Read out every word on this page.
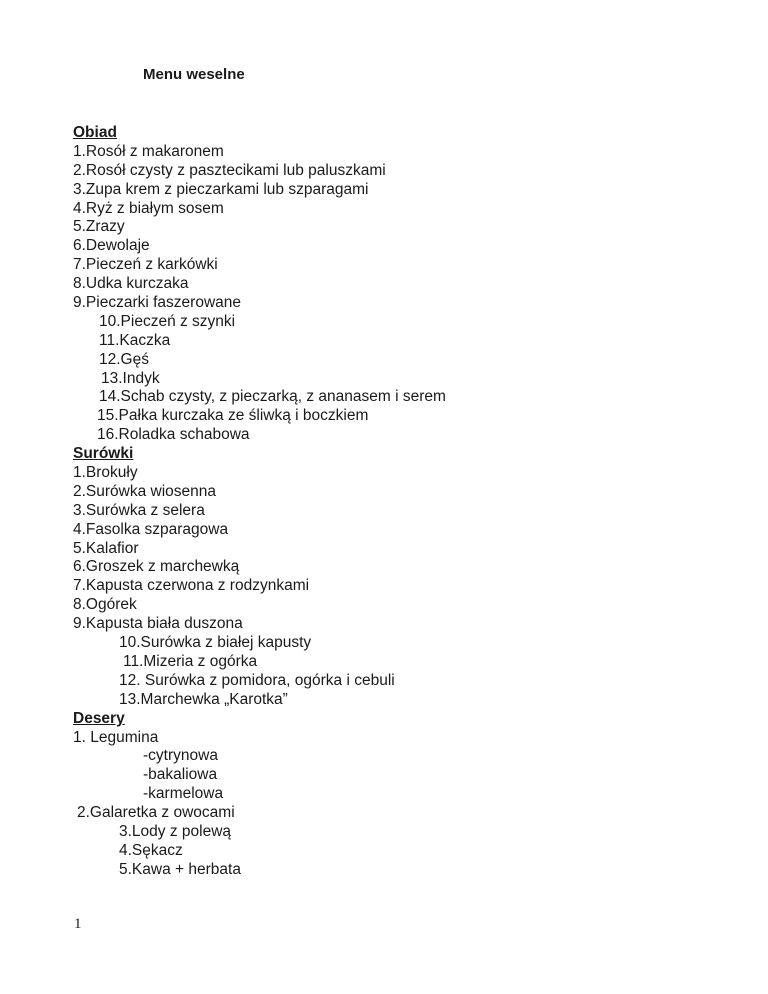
Menu weselne
Obiad
1.Rosół z makaronem
2.Rosół czysty z pasztecikami lub paluszkami
3.Zupa krem z pieczarkami lub szparagami
4.Ryż z białym sosem
5.Zrazy
6.Dewolaje
7.Pieczeń z karkówki
8.Udka kurczaka
9.Pieczarki faszerowane
10.Pieczeń z szynki
11.Kaczka
12.Gęś
13.Indyk
14.Schab czysty, z pieczarką, z ananasem i serem
15.Pałka kurczaka ze śliwką i boczkiem
16.Roladka schabowa
Surówki
1.Brokuły
2.Surówka wiosenna
3.Surówka z selera
4.Fasolka szparagowa
5.Kalafior
6.Groszek z marchewką
7.Kapusta czerwona z rodzynkami
8.Ogórek
9.Kapusta biała duszona
10.Surówka z białej kapusty
11.Mizeria z ogórka
12. Surówka z pomidora, ogórka i cebuli
13.Marchewka „Karotka”
Desery
1. Legumina
-cytrynowa
-bakaliowa
-karmelowa
2.Galaretka z owocami
3.Lody z polewą
4.Sękacz
5.Kawa + herbata
1
